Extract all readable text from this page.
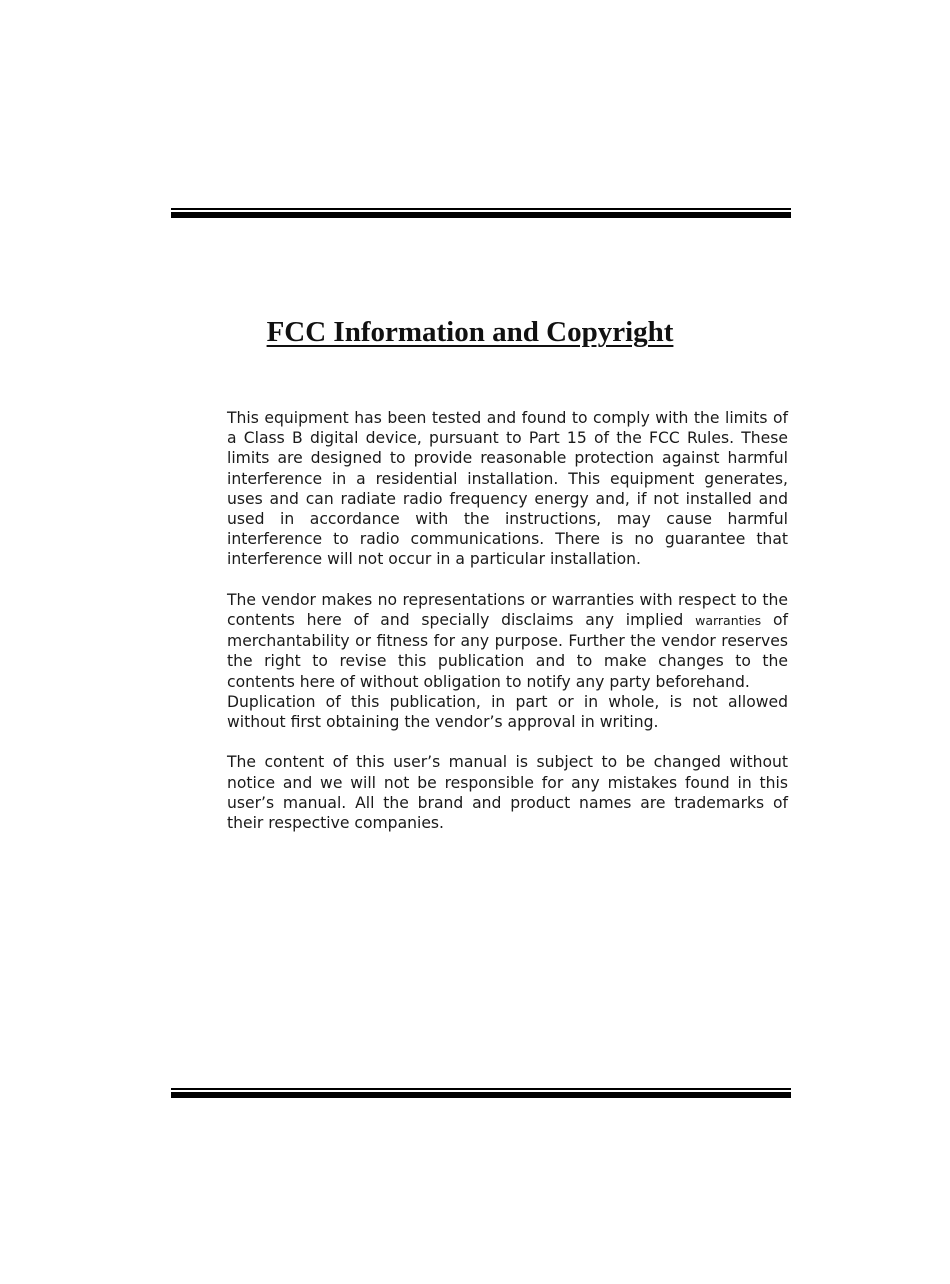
FCC Information and Copyright

This equipment has been tested and found to comply with the limits of a Class B digital device, pursuant to Part 15 of the FCC Rules. These limits are designed to provide reasonable protection against harmful interference in a residential installation. This equipment generates, uses and can radiate radio frequency energy and, if not installed and used in accordance with the instructions, may cause harmful interference to radio communications. There is no guarantee that interference will not occur in a particular installation.

The vendor makes no representations or warranties with respect to the contents here of and specially disclaims any implied warranties of merchantability or fitness for any purpose. Further the vendor reserves the right to revise this publication and to make changes to the contents here of without obligation to notify any party beforehand.

Duplication of this publication, in part or in whole, is not allowed without first obtaining the vendor’s approval in writing.

The content of this user’s manual is subject to be changed without notice and we will not be responsible for any mistakes found in this user’s manual. All the brand and product names are trademarks of their respective companies.
